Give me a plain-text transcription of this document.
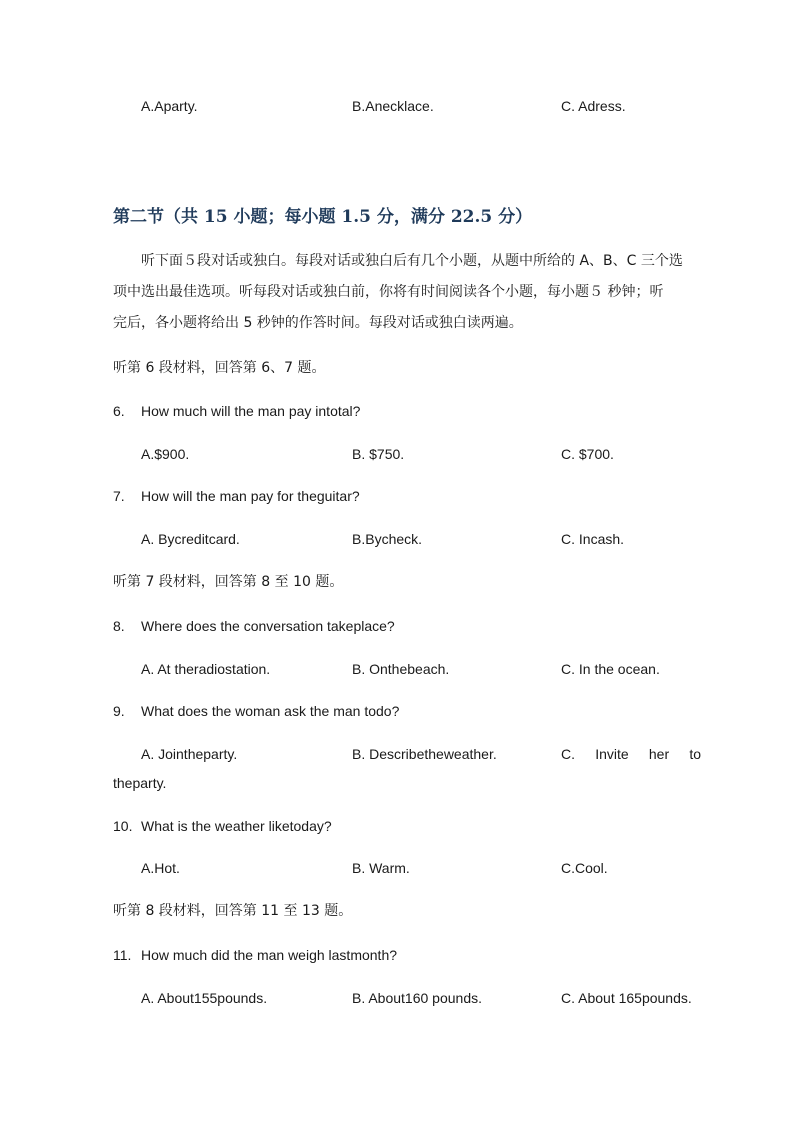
A.Aparty.	B.Anecklace.	C. Adress.
第二节（共 15 小题；每小题 1.5 分，满分 22.5 分）

听下面５段对话或独白。每段对话或独白后有几个小题，从题中所给的 A、B、C 三个选

项中选出最佳选项。听每段对话或独白前，你将有时间阅读各个小题，每小题５ 秒钟；听

完后，各小题将给出 5 秒钟的作答时间。每段对话或独白读两遍。

听第 6 段材料，回答第 6、7 题。
6. How much will the man pay intotal?
A.$900.	B. $750.	C. $700.
7. How will the man pay for theguitar?
A. Bycreditcard.	B.Bycheck.	C. Incash.
听第 7 段材料，回答第 8 至 10 题。
8. Where does the conversation takeplace?
A. At theradiostation.	B. Onthebeach.	C. In the ocean.
9. What does the woman ask the man todo?
A. Jointheparty.	B. Describetheweather.	C. Invite her to
theparty.
10. What is the weather liketoday?
A.Hot.	B. Warm.	C.Cool.
听第 8 段材料，回答第 11 至 13 题。
11. How much did the man weigh lastmonth?
A. About155pounds.	B. About160 pounds.	C. About 165pounds.
